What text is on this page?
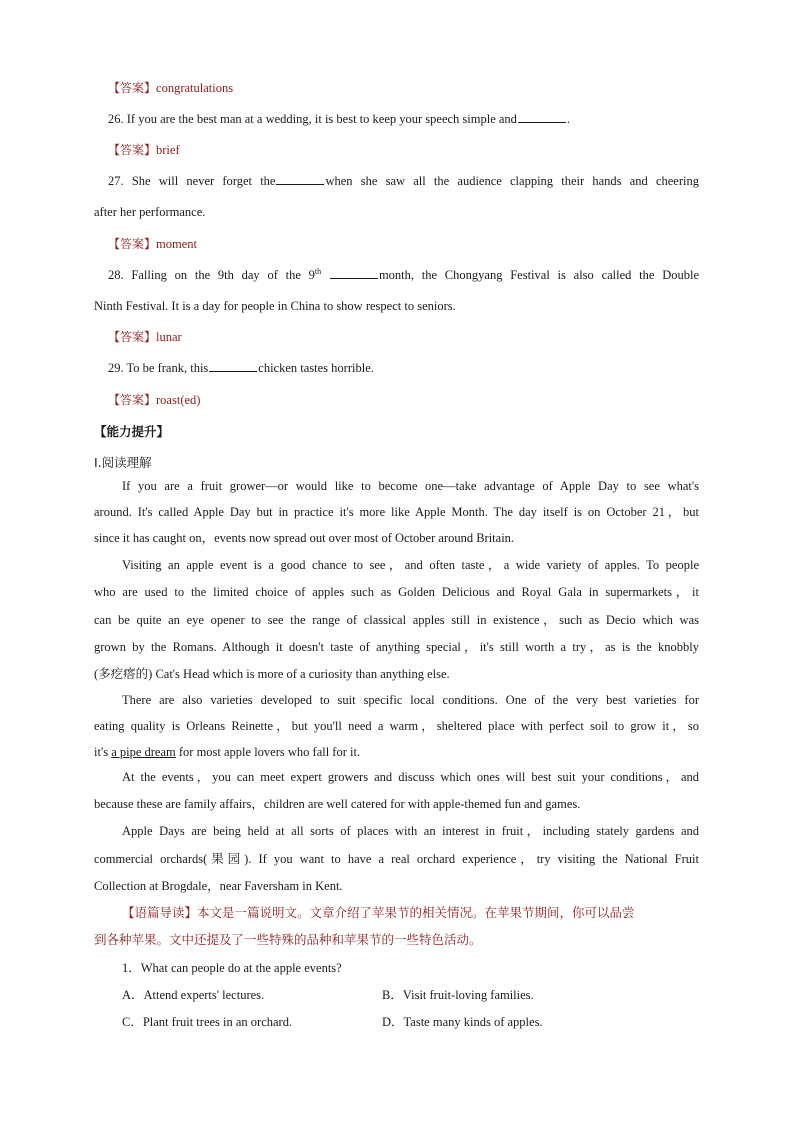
【答案】congratulations
26. If you are the best man at a wedding, it is best to keep your speech simple and	.
【答案】brief
27. She will never forget the	when she saw all the audience clapping their hands and cheering
after her performance.
【答案】moment
28. Falling on the 9th day of the 9th	month, the Chongyang Festival is also called the Double
Ninth Festival. It is a day for people in China to show respect to seniors.
【答案】lunar
29. To be frank, this	chicken tastes horrible.
【答案】roast(ed)
【能力提升】
Ⅰ.阅读理解
If you are a fruit grower—or would like to become one—take advantage of Apple Day to see what's
around. It's called Apple Day but in practice it's more like Apple Month. The day itself is on October 21，but
since it has caught on，events now spread out over most of October around Britain.
Visiting an apple event is a good chance to see，and often taste，a wide variety of apples. To people
who are used to the limited choice of apples such as Golden Delicious and Royal Gala in supermarkets，it
can be quite an eye opener to see the range of classical apples still in existence，such as Decio which was
grown by the Romans. Although it doesn't taste of anything special，it's still worth a try，as is the knobbly
(多疙瘩的) Cat's Head which is more of a curiosity than anything else.
There are also varieties developed to suit specific local conditions. One of the very best varieties for
eating quality is Orleans Reinette，but you'll need a warm，sheltered place with perfect soil to grow it，so
it's a pipe dream for most apple lovers who fall for it.
At the events，you can meet expert growers and discuss which ones will best suit your conditions，and
because these are family affairs，children are well catered for with apple-themed fun and games.
Apple Days are being held at all sorts of places with an interest in fruit，including stately gardens and
commercial orchards(果园). If you want to have a real orchard experience，try visiting the National Fruit
Collection at Brogdale，near Faversham in Kent.
【语篇导读】本文是一篇说明文。文章介绍了苹果节的相关情况。在苹果节期间，你可以品尝
到各种苹果。文中还提及了一些特殊的品种和苹果节的一些特色活动。
1．What can people do at the apple events?
A．Attend experts' lectures.	B．Visit fruit-loving families.
C．Plant fruit trees in an orchard.	D．Taste many kinds of apples.
